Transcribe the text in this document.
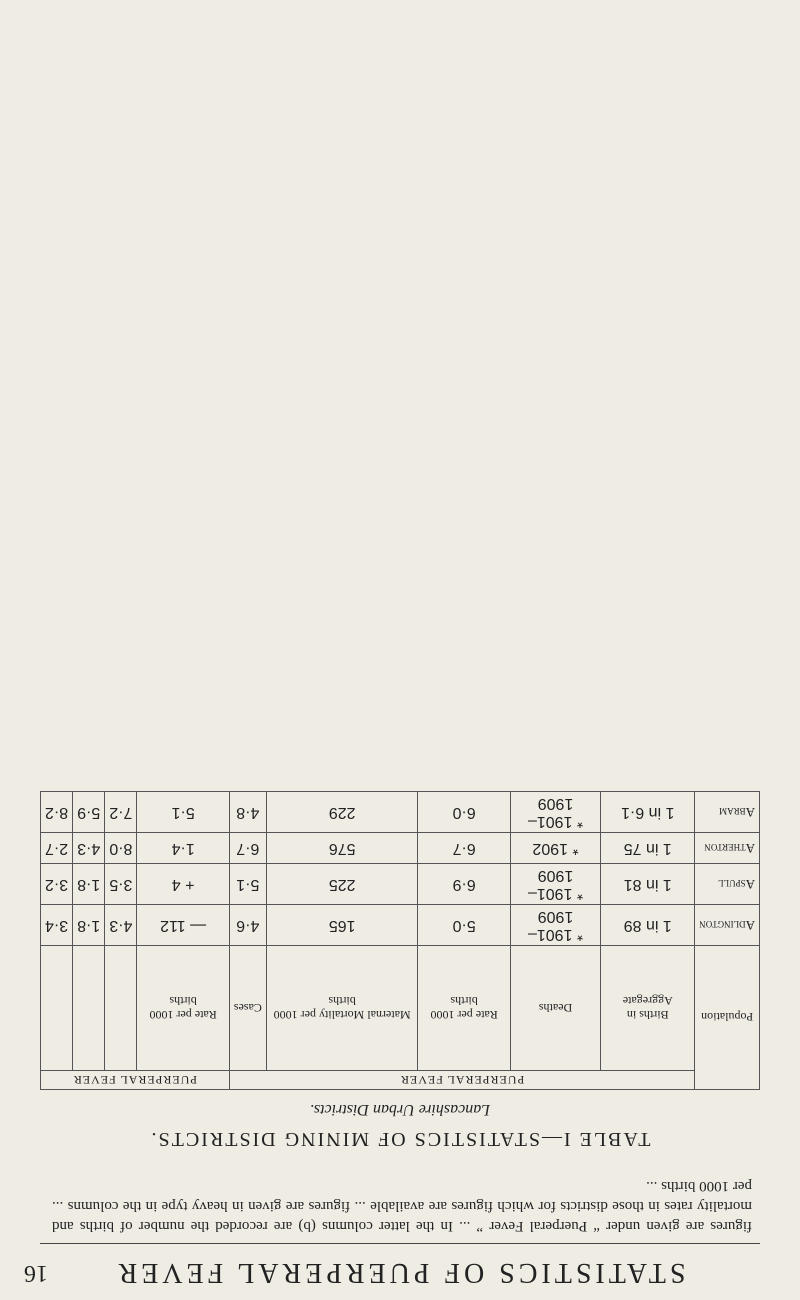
STATISTICS OF PUERPERAL FEVER
16
figures are given under “ Puerperal Fever ” ... In the latter columns (b) are recorded the number of births and mortality rates in those districts for which figures are available ... figures are given in heavy type in the columns ... per 1000 births ...
TABLE I—STATISTICS OF MINING DISTRICTS.
Lancashire Urban Districts.
Population	PUERPERAL FEVER					PUERPERAL FEVER			
	Births in Aggregate	Deaths	Rate per 1000 births	Maternal Mortality per 1000 births	Cases	Rate per 1000 births			
Adlington	1 in 89	* 1901–1909	5·0	165	4·6	— 112	4·3	1·8	3·4
Aspull	1 in 81	* 1901–1909	6·9	225	5·1	+ 4	3·5	1·8	3·2
Atherton	1 in 75	* 1902	6·7	576	6·7	1·4	8·0	4·3	2·7
Abram	1 in 6·1	* 1901–1909	6·0	229	4·8	5·1	7·2	5·9	8·2
